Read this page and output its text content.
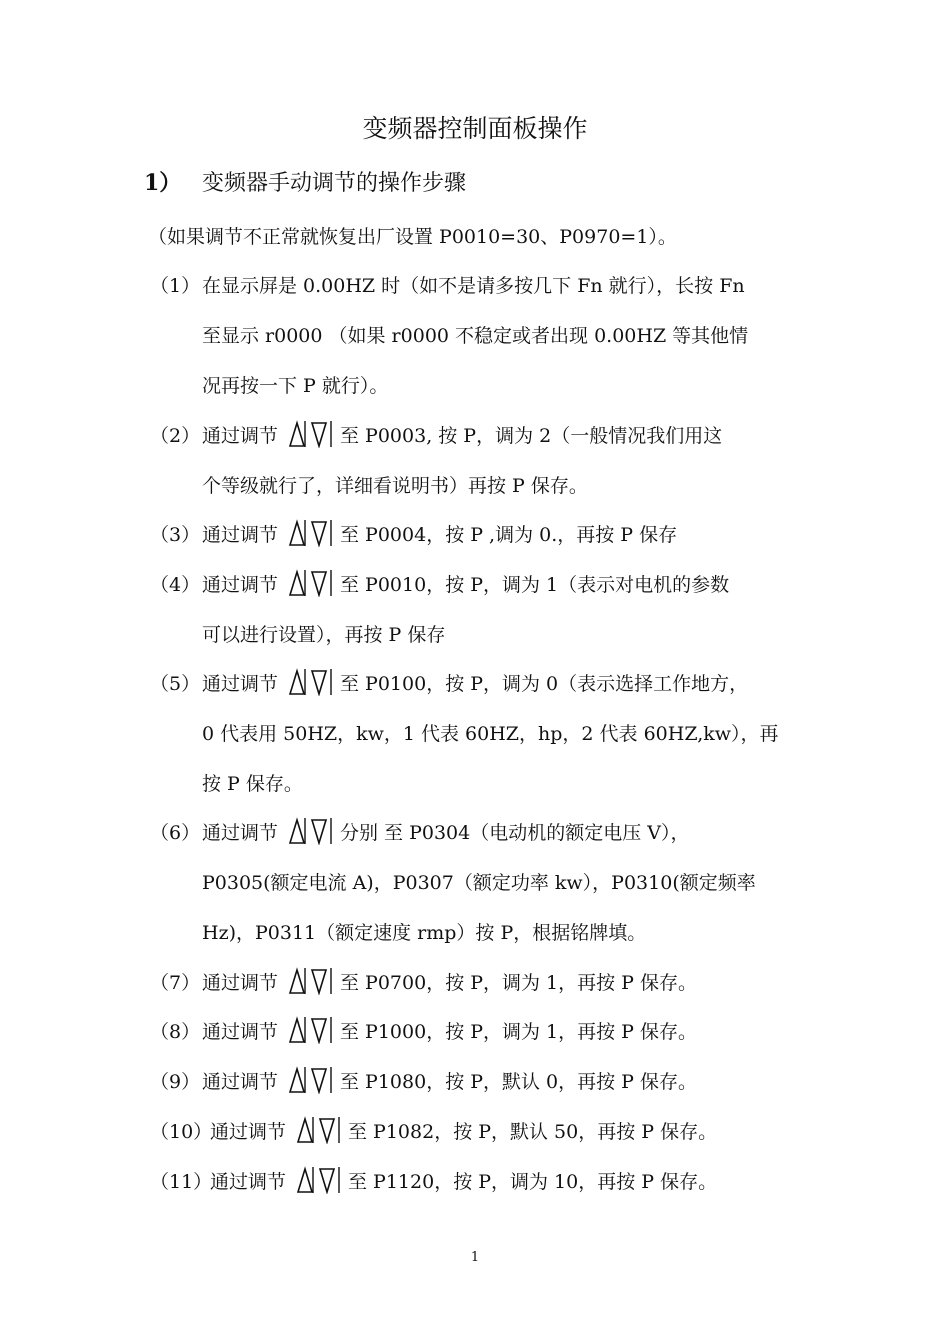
变频器控制面板操作
1） 变频器手动调节的操作步骤
（如果调节不正常就恢复出厂设置 P0010=30、P0970=1）。
（1） 在显示屏是 0.00HZ 时（如不是请多按几下 Fn 就行），长按 Fn
至显示 r0000 （如果 r0000 不稳定或者出现 0.00HZ 等其他情
况再按一下 P 就行）。
（2） 通过调节	至 P0003, 按 P，调为 2（一般情况我们用这
个等级就行了，详细看说明书）再按 P 保存。
（3） 通过调节	至 P0004，按 P ,调为 0.，再按 P 保存
（4） 通过调节	至 P0010，按 P，调为 1（表示对电机的参数
可以进行设置），再按 P 保存
（5） 通过调节	至 P0100，按 P，调为 0（表示选择工作地方，
0 代表用 50HZ，kw，1 代表 60HZ，hp，2 代表 60HZ,kw），再
按 P 保存。
（6） 通过调节	分别 至 P0304（电动机的额定电压 V），
P0305(额定电流 A)，P0307（额定功率 kw），P0310(额定频率
Hz)，P0311（额定速度 rmp）按 P，根据铭牌填。
（7） 通过调节	至 P0700，按 P，调为 1，再按 P 保存。
（8） 通过调节	至 P1000，按 P，调为 1，再按 P 保存。
（9） 通过调节	至 P1080，按 P，默认 0，再按 P 保存。
（10）
通过调节	至 P1082，按 P，默认 50，再按 P 保存。
（11）
通过调节	至 P1120，按 P，调为 10，再按 P 保存。
1
